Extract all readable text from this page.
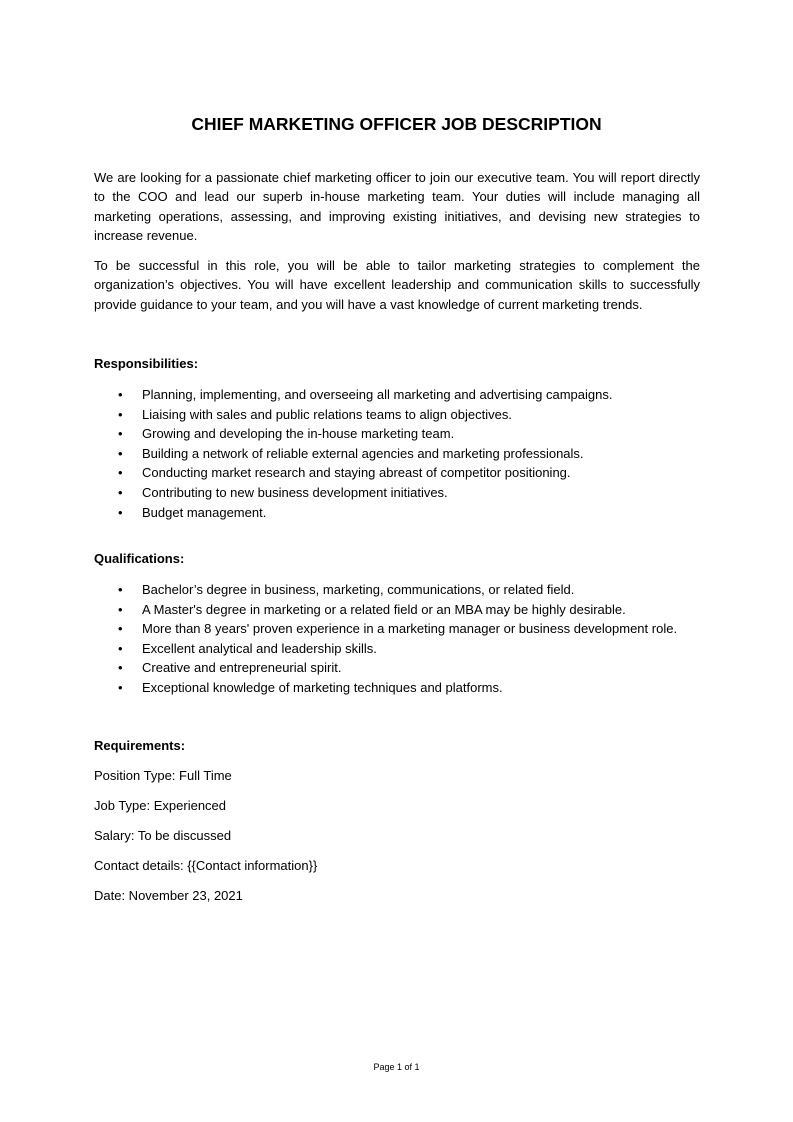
CHIEF MARKETING OFFICER JOB DESCRIPTION

We are looking for a passionate chief marketing officer to join our executive team. You will report directly to the COO and lead our superb in-house marketing team. Your duties will include managing all marketing operations, assessing, and improving existing initiatives, and devising new strategies to increase revenue.

To be successful in this role, you will be able to tailor marketing strategies to complement the organization’s objectives. You will have excellent leadership and communication skills to successfully provide guidance to your team, and you will have a vast knowledge of current marketing trends.

Responsibilities:

• Planning, implementing, and overseeing all marketing and advertising campaigns.
• Liaising with sales and public relations teams to align objectives.
• Growing and developing the in-house marketing team.
• Building a network of reliable external agencies and marketing professionals.
• Conducting market research and staying abreast of competitor positioning.
• Contributing to new business development initiatives.
• Budget management.

Qualifications:

• Bachelor’s degree in business, marketing, communications, or related field.
• A Master's degree in marketing or a related field or an MBA may be highly desirable.
• More than 8 years' proven experience in a marketing manager or business development role.
• Excellent analytical and leadership skills.
• Creative and entrepreneurial spirit.
• Exceptional knowledge of marketing techniques and platforms.

Requirements:

Position Type: Full Time

Job Type: Experienced

Salary: To be discussed

Contact details: {{Contact information}}

Date: November 23, 2021

Page 1 of 1
